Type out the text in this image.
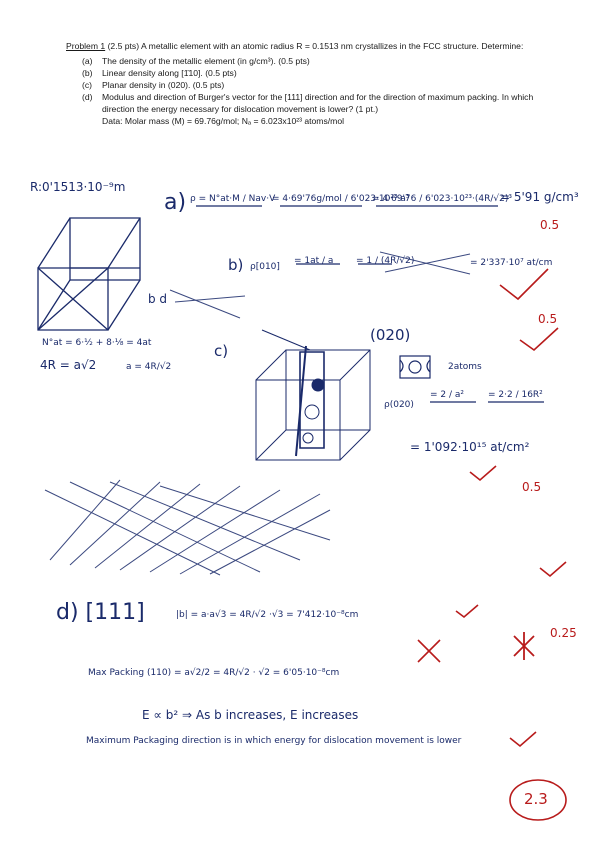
Problem 1 (2.5 pts) A metallic element with an atomic radius R = 0.1513 nm crystallizes in the FCC structure. Determine:
(a) The density of the metallic element (in g/cm³). (0.5 pts)
(b) Linear density along [1̄10]. (0.5 pts)
(c) Planar density in (020). (0.5 pts)
(d) Modulus and direction of Burger's vector for the [111] direction and for the direction of maximum packing. In which direction the energy necessary for dislocation movement is lower? (1 pt.)
Data: Molar mass (M) = 69.76g/mol; Nₐ = 6.023x10²³ atoms/mol
R:0'1513·10⁻⁹m
a) ρ = N°at·M / Nav·V
= 4·69'76g/mol / 6'023·10²³·a³
= 4·69'76 / 6'023·10²³·(4R/√2)³
= 5'91 g/cm³
0.5
b) ρ[010]
= 1at / a	= 1 / (4R/√2)	= 2'337·10⁷ at/cm
0.5
b d
N°at = 6·½ + 8·⅛ = 4at
4R = a√2	a = 4R/√2
c)
(020)
2atoms
ρ(020)
= 2 / a²	= 2·2 / 16R²
= 1'092·10¹⁵ at/cm²
0.5
d) [111]	|b| = a·a√3 = 4R/√2 ·√3 = 7'412·10⁻⁸cm
Max Packing (110) = a√2/2 = 4R/√2 · √2 = 6'05·10⁻⁸cm
0.25
E ∝ b² ⇒ As b increases, E increases
Maximum Packaging direction is in which energy for dislocation movement is lower
2.3
